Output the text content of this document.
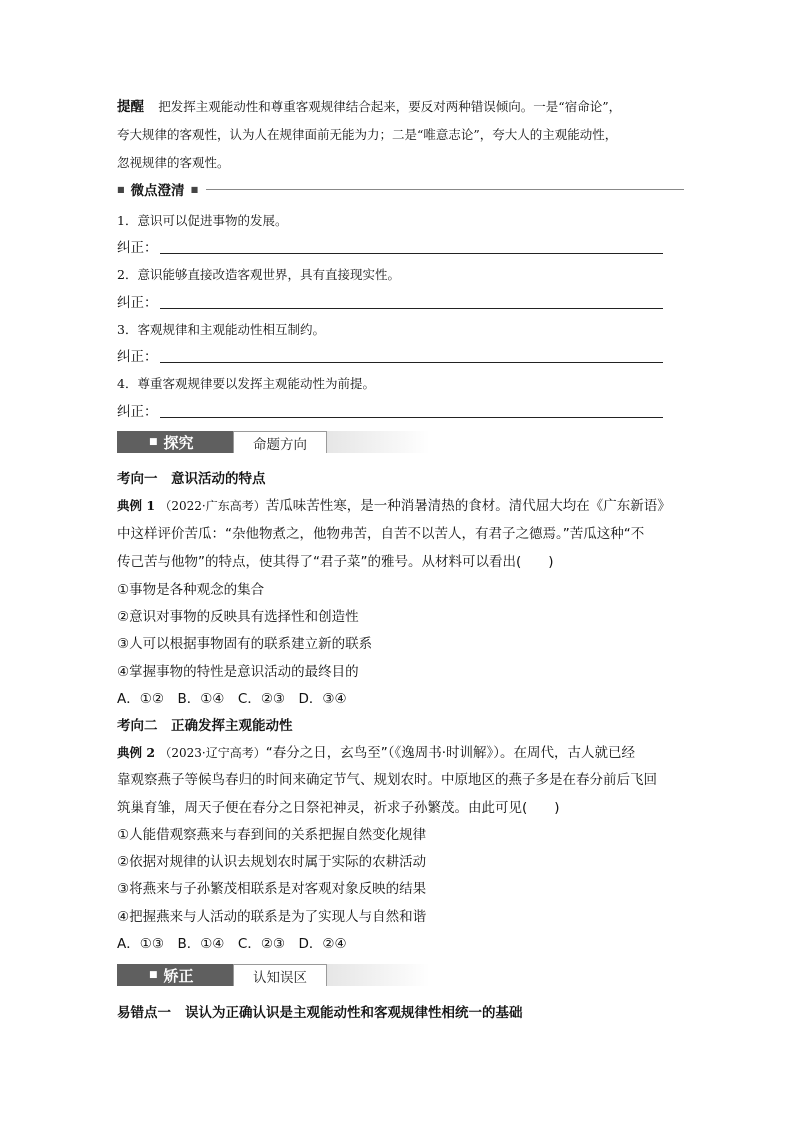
提醒 把发挥主观能动性和尊重客观规律结合起来，要反对两种错误倾向。一是“宿命论”，
夸大规律的客观性，认为人在规律面前无能为力；二是“唯意志论”，夸大人的主观能动性，
忽视规律的客观性。
■ 微点澄清 ■
1．意识可以促进事物的发展。
纠正：
2．意识能够直接改造客观世界，具有直接现实性。
纠正：
3．客观规律和主观能动性相互制约。
纠正：
4．尊重客观规律要以发挥主观能动性为前提。
纠正：
■ 探究	命题方向
考向一　意识活动的特点
典例 1 （2022·广东高考）苦瓜味苦性寒，是一种消暑清热的食材。清代屈大均在《广东新语》
中这样评价苦瓜：“杂他物煮之，他物弗苦，自苦不以苦人，有君子之德焉。”苦瓜这种“不
传己苦与他物”的特点，使其得了“君子菜”的雅号。从材料可以看出(　　)
①事物是各种观念的集合
②意识对事物的反映具有选择性和创造性
③人可以根据事物固有的联系建立新的联系
④掌握事物的特性是意识活动的最终目的
A．①②　B．①④　C．②③　D．③④
考向二　正确发挥主观能动性
典例 2 （2023·辽宁高考）“春分之日，玄鸟至”（《逸周书·时训解》）。在周代，古人就已经
靠观察燕子等候鸟春归的时间来确定节气、规划农时。中原地区的燕子多是在春分前后飞回
筑巢育雏，周天子便在春分之日祭祀神灵，祈求子孙繁茂。由此可见(　　)
①人能借观察燕来与春到间的关系把握自然变化规律
②依据对规律的认识去规划农时属于实际的农耕活动
③将燕来与子孙繁茂相联系是对客观对象反映的结果
④把握燕来与人活动的联系是为了实现人与自然和谐
A．①③　B．①④　C．②③　D．②④
■ 矫正	认知误区
易错点一 误认为正确认识是主观能动性和客观规律性相统一的基础
